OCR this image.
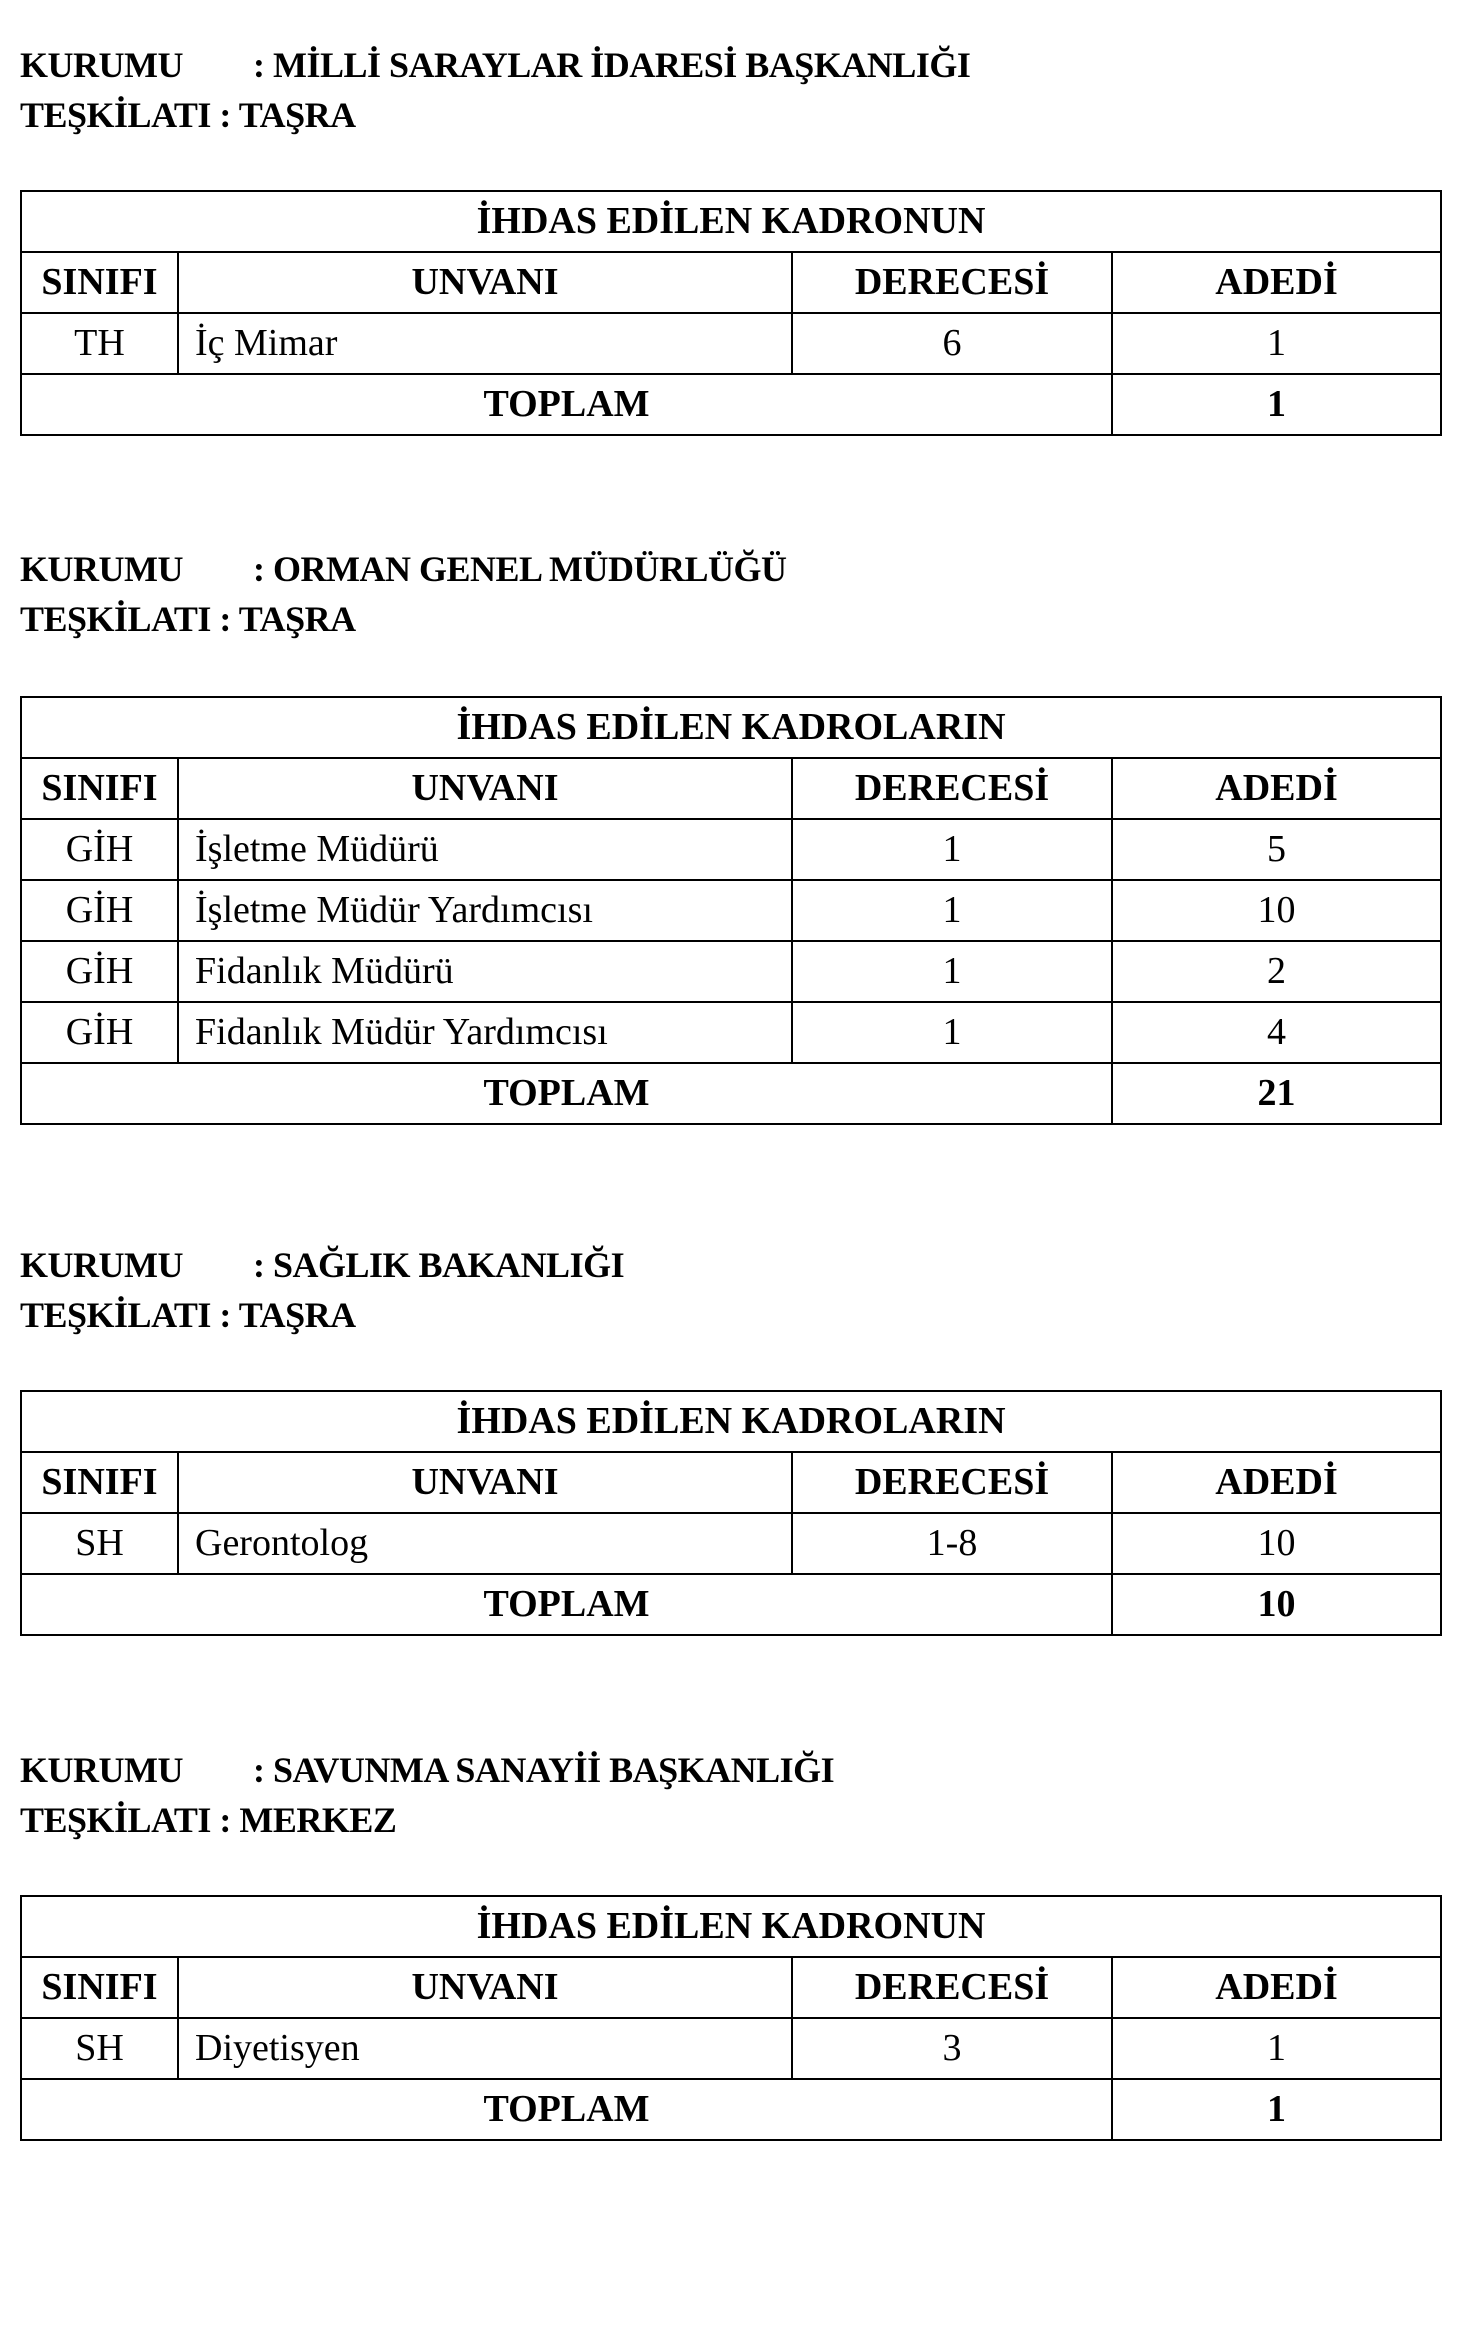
KURUMU : MİLLİ SARAYLAR İDARESİ BAŞKANLIĞI
TEŞKİLATI : TAŞRA
İHDAS EDİLEN KADRONUN			
SINIFI	UNVANI	DERECESİ	ADEDİ
TH	İç Mimar	6	1
TOPLAM			1
KURUMU : ORMAN GENEL MÜDÜRLÜĞÜ
TEŞKİLATI : TAŞRA
İHDAS EDİLEN KADROLARIN			
SINIFI	UNVANI	DERECESİ	ADEDİ
GİH	İşletme Müdürü	1	5
GİH	İşletme Müdür Yardımcısı	1	10
GİH	Fidanlık Müdürü	1	2
GİH	Fidanlık Müdür Yardımcısı	1	4
TOPLAM			21
KURUMU : SAĞLIK BAKANLIĞI
TEŞKİLATI : TAŞRA
İHDAS EDİLEN KADROLARIN			
SINIFI	UNVANI	DERECESİ	ADEDİ
SH	Gerontolog	1-8	10
TOPLAM			10
KURUMU : SAVUNMA SANAYİİ BAŞKANLIĞI
TEŞKİLATI : MERKEZ
İHDAS EDİLEN KADRONUN			
SINIFI	UNVANI	DERECESİ	ADEDİ
SH	Diyetisyen	3	1
TOPLAM			1
